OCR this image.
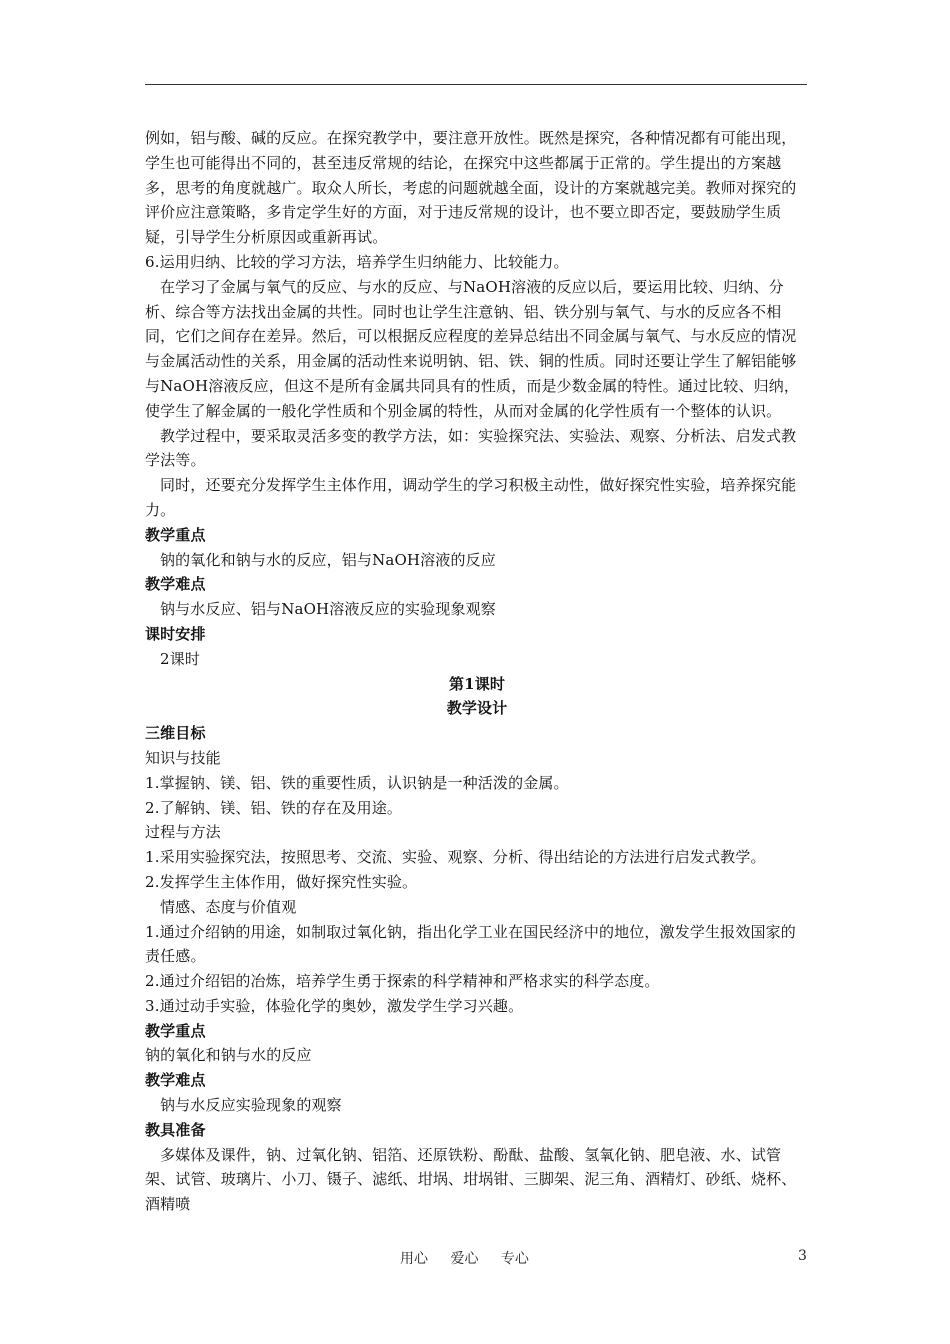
例如，铝与酸、碱的反应。在探究教学中，要注意开放性。既然是探究，各种情况都有可能出现，学生也可能得出不同的，甚至违反常规的结论，在探究中这些都属于正常的。学生提出的方案越多，思考的角度就越广。取众人所长，考虑的问题就越全面，设计的方案就越完美。教师对探究的评价应注意策略，多肯定学生好的方面，对于违反常规的设计，也不要立即否定，要鼓励学生质疑，引导学生分析原因或重新再试。

6.运用归纳、比较的学习方法，培养学生归纳能力、比较能力。

在学习了金属与氧气的反应、与水的反应、与NaOH溶液的反应以后，要运用比较、归纳、分析、综合等方法找出金属的共性。同时也让学生注意钠、铝、铁分别与氧气、与水的反应各不相同，它们之间存在差异。然后，可以根据反应程度的差异总结出不同金属与氧气、与水反应的情况与金属活动性的关系，用金属的活动性来说明钠、铝、铁、铜的性质。同时还要让学生了解铝能够与NaOH溶液反应，但这不是所有金属共同具有的性质，而是少数金属的特性。通过比较、归纳，使学生了解金属的一般化学性质和个别金属的特性，从而对金属的化学性质有一个整体的认识。

教学过程中，要采取灵活多变的教学方法，如：实验探究法、实验法、观察、分析法、启发式教学法等。

同时，还要充分发挥学生主体作用，调动学生的学习积极主动性，做好探究性实验，培养探究能力。

教学重点

钠的氧化和钠与水的反应，铝与NaOH溶液的反应

教学难点

钠与水反应、铝与NaOH溶液反应的实验现象观察

课时安排

2课时

第1课时

教学设计

三维目标

知识与技能

1.掌握钠、镁、铝、铁的重要性质，认识钠是一种活泼的金属。

2.了解钠、镁、铝、铁的存在及用途。

过程与方法

1.采用实验探究法，按照思考、交流、实验、观察、分析、得出结论的方法进行启发式教学。

2.发挥学生主体作用，做好探究性实验。

情感、态度与价值观

1.通过介绍钠的用途，如制取过氧化钠，指出化学工业在国民经济中的地位，激发学生报效国家的责任感。

2.通过介绍铝的冶炼，培养学生勇于探索的科学精神和严格求实的科学态度。

3.通过动手实验，体验化学的奥妙，激发学生学习兴趣。

教学重点

钠的氧化和钠与水的反应

教学难点

钠与水反应实验现象的观察

教具准备

多媒体及课件，钠、过氧化钠、铝箔、还原铁粉、酚酞、盐酸、氢氧化钠、肥皂液、水、试管架、试管、玻璃片、小刀、镊子、滤纸、坩埚、坩埚钳、三脚架、泥三角、酒精灯、砂纸、烧杯、酒精喷

用心 爱心 专心	3
